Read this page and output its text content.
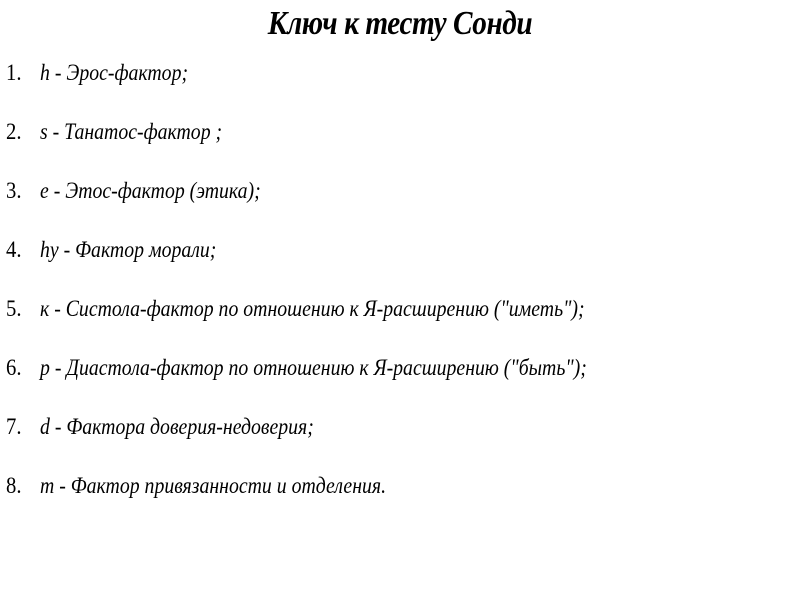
Ключ к тесту Сонди
1. h - Эрос-фактор;
2. s - Танатос-фактор ;
3. e - Этос-фактор (этика);
4. hy - Фактор морали;
5. к - Систола-фактор по отношению к Я-расширению ("иметь");
6. p - Диастола-фактор по отношению к Я-расширению ("быть");
7. d - Фактора доверия-недоверия;
8. m - Фактор привязанности и отделения.
